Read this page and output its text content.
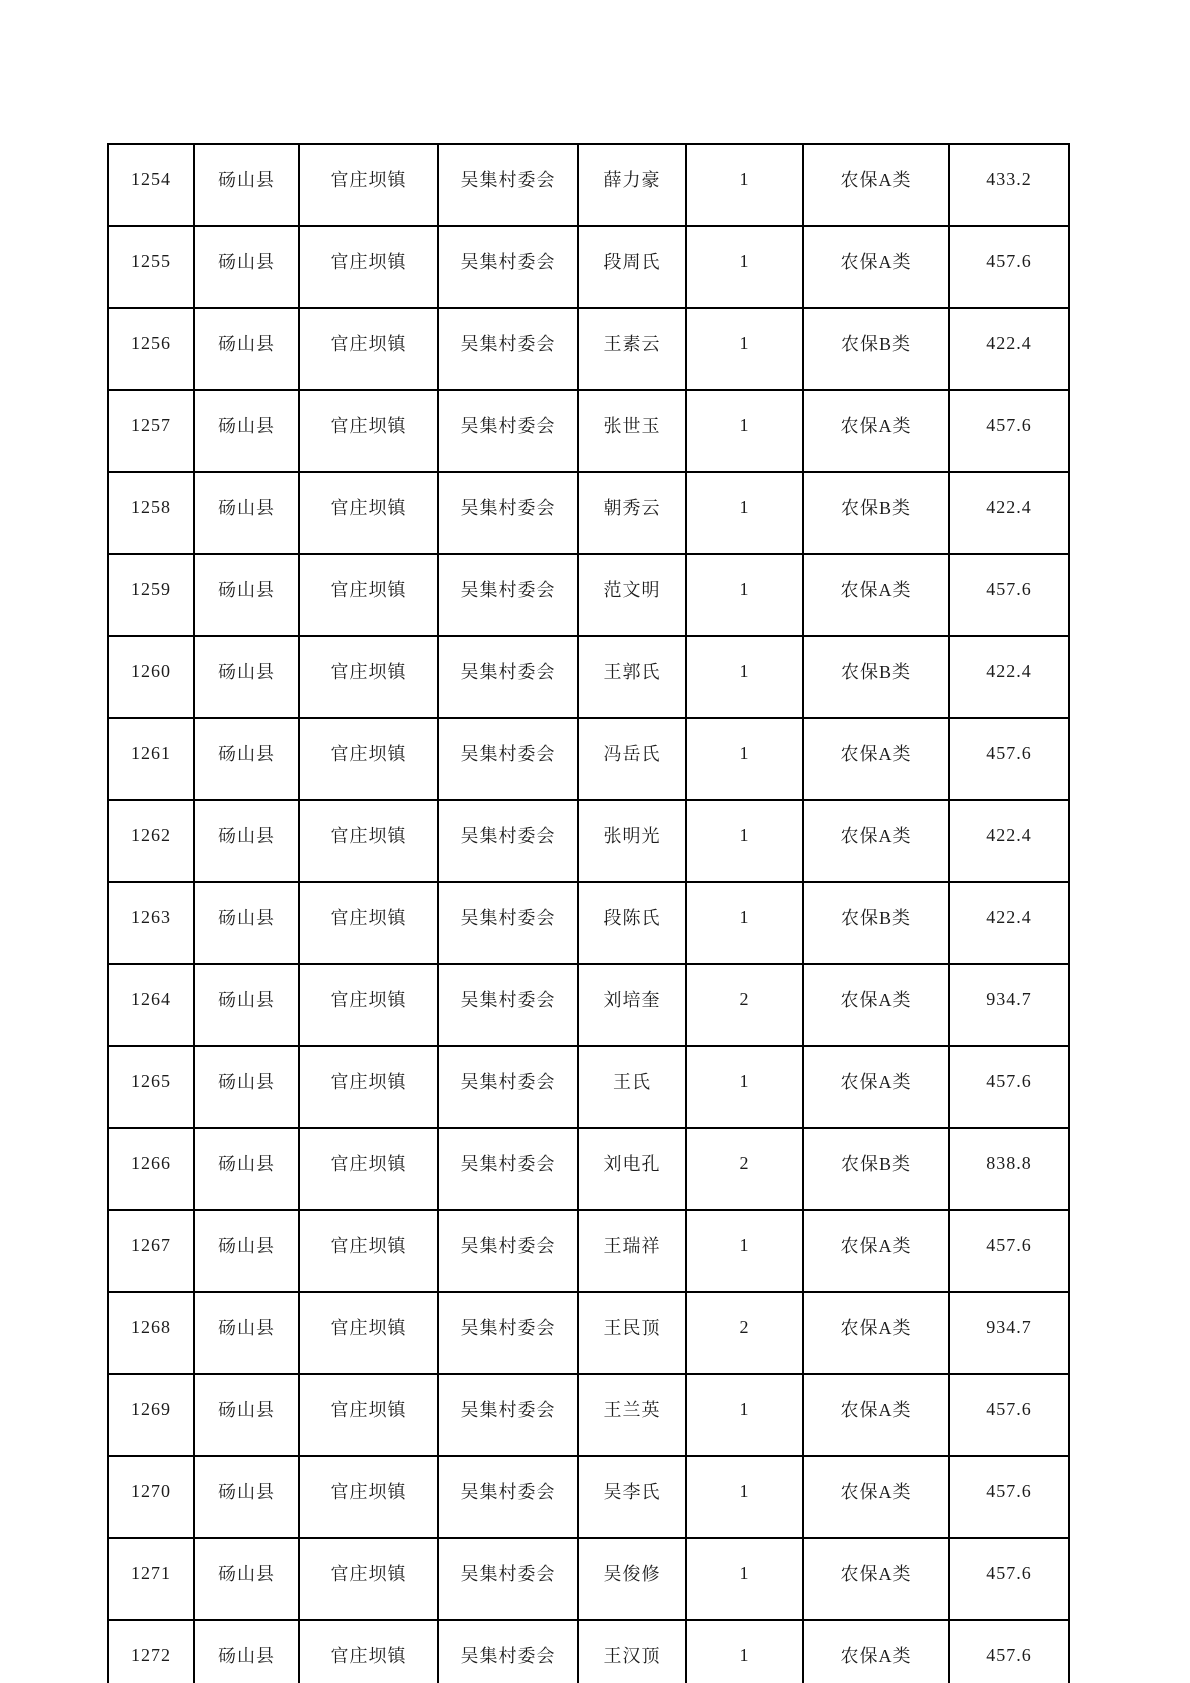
1254	砀山县	官庄坝镇	吴集村委会	薛力豪	1	农保A类	433.2
1255	砀山县	官庄坝镇	吴集村委会	段周氏	1	农保A类	457.6
1256	砀山县	官庄坝镇	吴集村委会	王素云	1	农保B类	422.4
1257	砀山县	官庄坝镇	吴集村委会	张世玉	1	农保A类	457.6
1258	砀山县	官庄坝镇	吴集村委会	朝秀云	1	农保B类	422.4
1259	砀山县	官庄坝镇	吴集村委会	范文明	1	农保A类	457.6
1260	砀山县	官庄坝镇	吴集村委会	王郭氏	1	农保B类	422.4
1261	砀山县	官庄坝镇	吴集村委会	冯岳氏	1	农保A类	457.6
1262	砀山县	官庄坝镇	吴集村委会	张明光	1	农保A类	422.4
1263	砀山县	官庄坝镇	吴集村委会	段陈氏	1	农保B类	422.4
1264	砀山县	官庄坝镇	吴集村委会	刘培奎	2	农保A类	934.7
1265	砀山县	官庄坝镇	吴集村委会	王氏	1	农保A类	457.6
1266	砀山县	官庄坝镇	吴集村委会	刘电孔	2	农保B类	838.8
1267	砀山县	官庄坝镇	吴集村委会	王瑞祥	1	农保A类	457.6
1268	砀山县	官庄坝镇	吴集村委会	王民顶	2	农保A类	934.7
1269	砀山县	官庄坝镇	吴集村委会	王兰英	1	农保A类	457.6
1270	砀山县	官庄坝镇	吴集村委会	吴李氏	1	农保A类	457.6
1271	砀山县	官庄坝镇	吴集村委会	吴俊修	1	农保A类	457.6
1272	砀山县	官庄坝镇	吴集村委会	王汉顶	1	农保A类	457.6
